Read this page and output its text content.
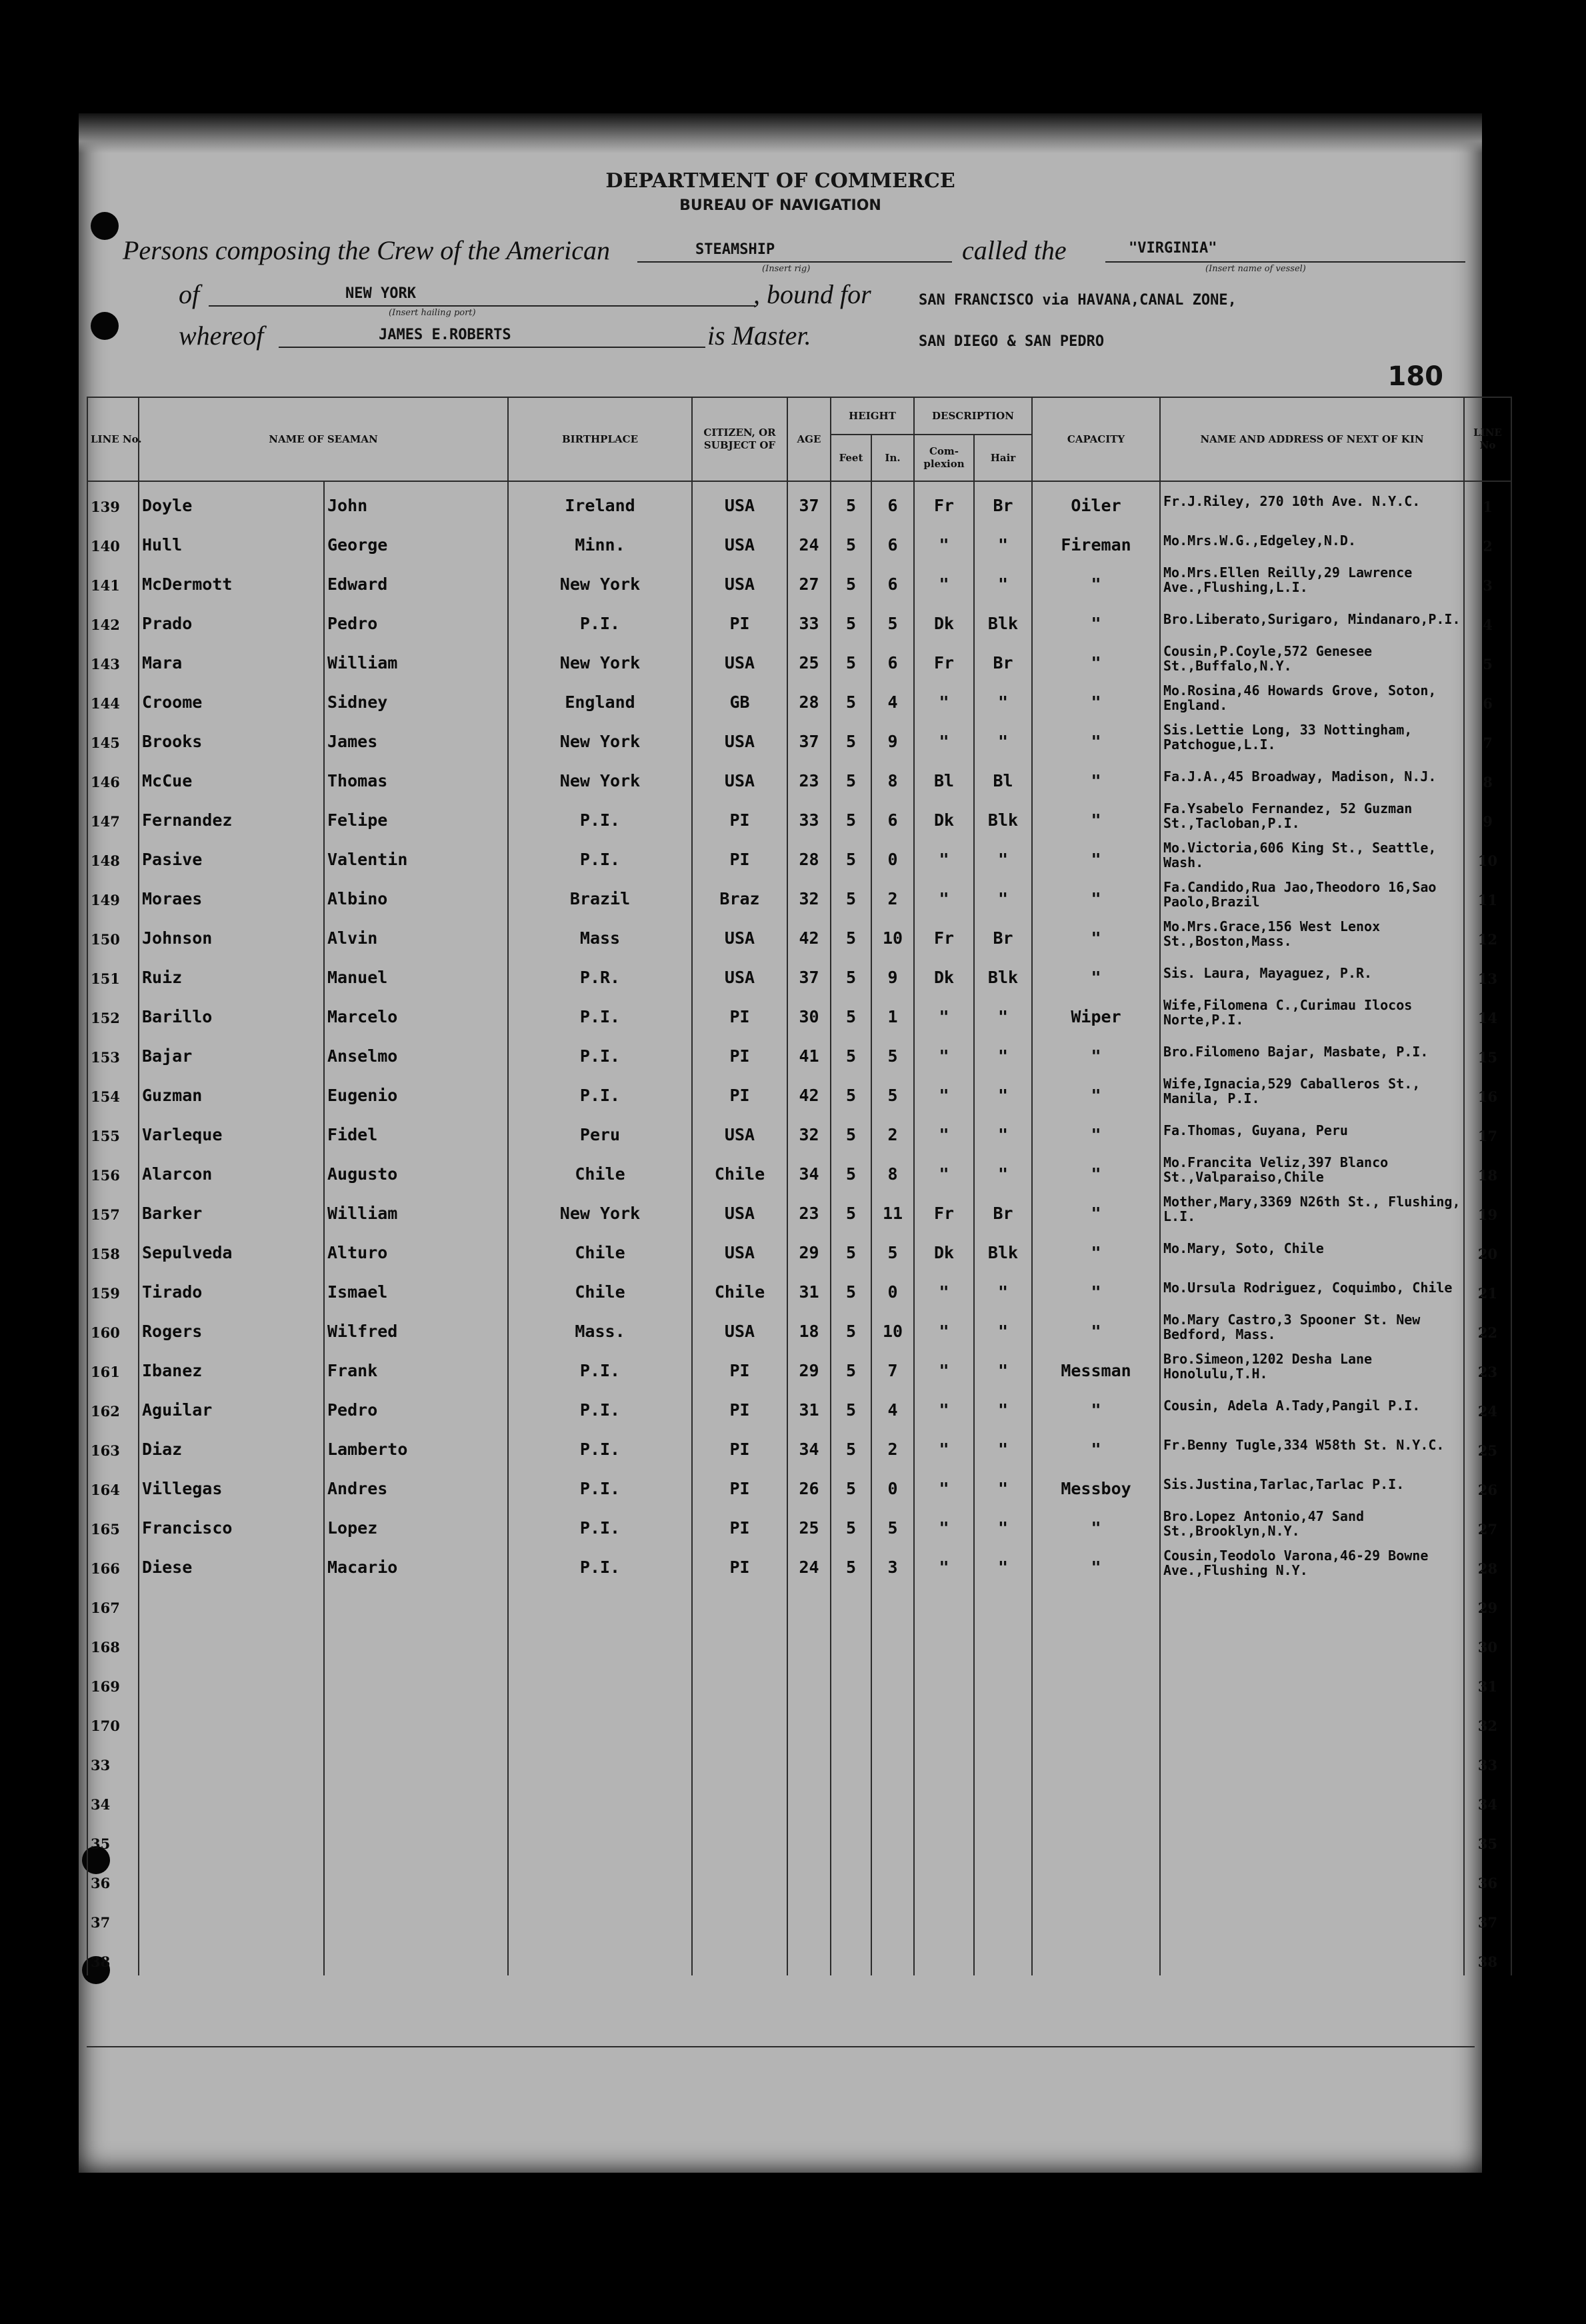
DEPARTMENT OF COMMERCE
BUREAU OF NAVIGATION
Persons composing the Crew of the American	STEAMSHIP
(Insert rig)
called the	"VIRGINIA"
(Insert name of vessel)
of	NEW YORK
(Insert hailing port)
, bound for	SAN FRANCISCO via HAVANA,CANAL ZONE,
whereof	JAMES E.ROBERTS	is Master.	SAN DIEGO & SAN PEDRO
180
LINE No.	NAME OF SEAMAN		BIRTHPLACE	CITIZEN, OR SUBJECT OF	AGE	HEIGHT		DESCRIPTION		CAPACITY	NAME AND ADDRESS OF NEXT OF KIN	LINE No
						Feet	In.	Com-plexion	Hair			
139	Doyle	John	Ireland	USA	37	5	6	Fr	Br	Oiler	Fr.J.Riley, 270 10th Ave. N.Y.C.	1
140	Hull	George	Minn.	USA	24	5	6	"	"	Fireman	Mo.Mrs.W.G.,Edgeley,N.D.	2
141	McDermott	Edward	New York	USA	27	5	6	"	"	"	Mo.Mrs.Ellen Reilly,29 Lawrence Ave.,Flushing,L.I.	3
142	Prado	Pedro	P.I.	PI	33	5	5	Dk	Blk	"	Bro.Liberato,Surigaro, Mindanaro,P.I.	4
143	Mara	William	New York	USA	25	5	6	Fr	Br	"	Cousin,P.Coyle,572 Genesee St.,Buffalo,N.Y.	5
144	Croome	Sidney	England	GB	28	5	4	"	"	"	Mo.Rosina,46 Howards Grove, Soton, England.	6
145	Brooks	James	New York	USA	37	5	9	"	"	"	Sis.Lettie Long, 33 Nottingham, Patchogue,L.I.	7
146	McCue	Thomas	New York	USA	23	5	8	Bl	Bl	"	Fa.J.A.,45 Broadway, Madison, N.J.	8
147	Fernandez	Felipe	P.I.	PI	33	5	6	Dk	Blk	"	Fa.Ysabelo Fernandez, 52 Guzman St.,Tacloban,P.I.	9
148	Pasive	Valentin	P.I.	PI	28	5	0	"	"	"	Mo.Victoria,606 King St., Seattle, Wash.	10
149	Moraes	Albino	Brazil	Braz	32	5	2	"	"	"	Fa.Candido,Rua Jao,Theodoro 16,Sao Paolo,Brazil	11
150	Johnson	Alvin	Mass	USA	42	5	10	Fr	Br	"	Mo.Mrs.Grace,156 West Lenox St.,Boston,Mass.	12
151	Ruiz	Manuel	P.R.	USA	37	5	9	Dk	Blk	"	Sis. Laura, Mayaguez, P.R.	13
152	Barillo	Marcelo	P.I.	PI	30	5	1	"	"	Wiper	Wife,Filomena C.,Curimau Ilocos Norte,P.I.	14
153	Bajar	Anselmo	P.I.	PI	41	5	5	"	"	"	Bro.Filomeno Bajar, Masbate, P.I.	15
154	Guzman	Eugenio	P.I.	PI	42	5	5	"	"	"	Wife,Ignacia,529 Caballeros St., Manila, P.I.	16
155	Varleque	Fidel	Peru	USA	32	5	2	"	"	"	Fa.Thomas, Guyana, Peru	17
156	Alarcon	Augusto	Chile	Chile	34	5	8	"	"	"	Mo.Francita Veliz,397 Blanco St.,Valparaiso,Chile	18
157	Barker	William	New York	USA	23	5	11	Fr	Br	"	Mother,Mary,3369 N26th St., Flushing, L.I.	19
158	Sepulveda	Alturo	Chile	USA	29	5	5	Dk	Blk	"	Mo.Mary, Soto, Chile	20
159	Tirado	Ismael	Chile	Chile	31	5	0	"	"	"	Mo.Ursula Rodriguez, Coquimbo, Chile	21
160	Rogers	Wilfred	Mass.	USA	18	5	10	"	"	"	Mo.Mary Castro,3 Spooner St. New Bedford, Mass.	22
161	Ibanez	Frank	P.I.	PI	29	5	7	"	"	Messman	Bro.Simeon,1202 Desha Lane Honolulu,T.H.	23
162	Aguilar	Pedro	P.I.	PI	31	5	4	"	"	"	Cousin, Adela A.Tady,Pangil P.I.	24
163	Diaz	Lamberto	P.I.	PI	34	5	2	"	"	"	Fr.Benny Tugle,334 W58th St. N.Y.C.	25
164	Villegas	Andres	P.I.	PI	26	5	0	"	"	Messboy	Sis.Justina,Tarlac,Tarlac P.I.	26
165	Francisco	Lopez	P.I.	PI	25	5	5	"	"	"	Bro.Lopez Antonio,47 Sand St.,Brooklyn,N.Y.	27
166	Diese	Macario	P.I.	PI	24	5	3	"	"	"	Cousin,Teodolo Varona,46-29 Bowne Ave.,Flushing N.Y.	28
167												29
168												30
169												31
170												32
33												33
34												34
35												35
36												36
37												37
38												38
